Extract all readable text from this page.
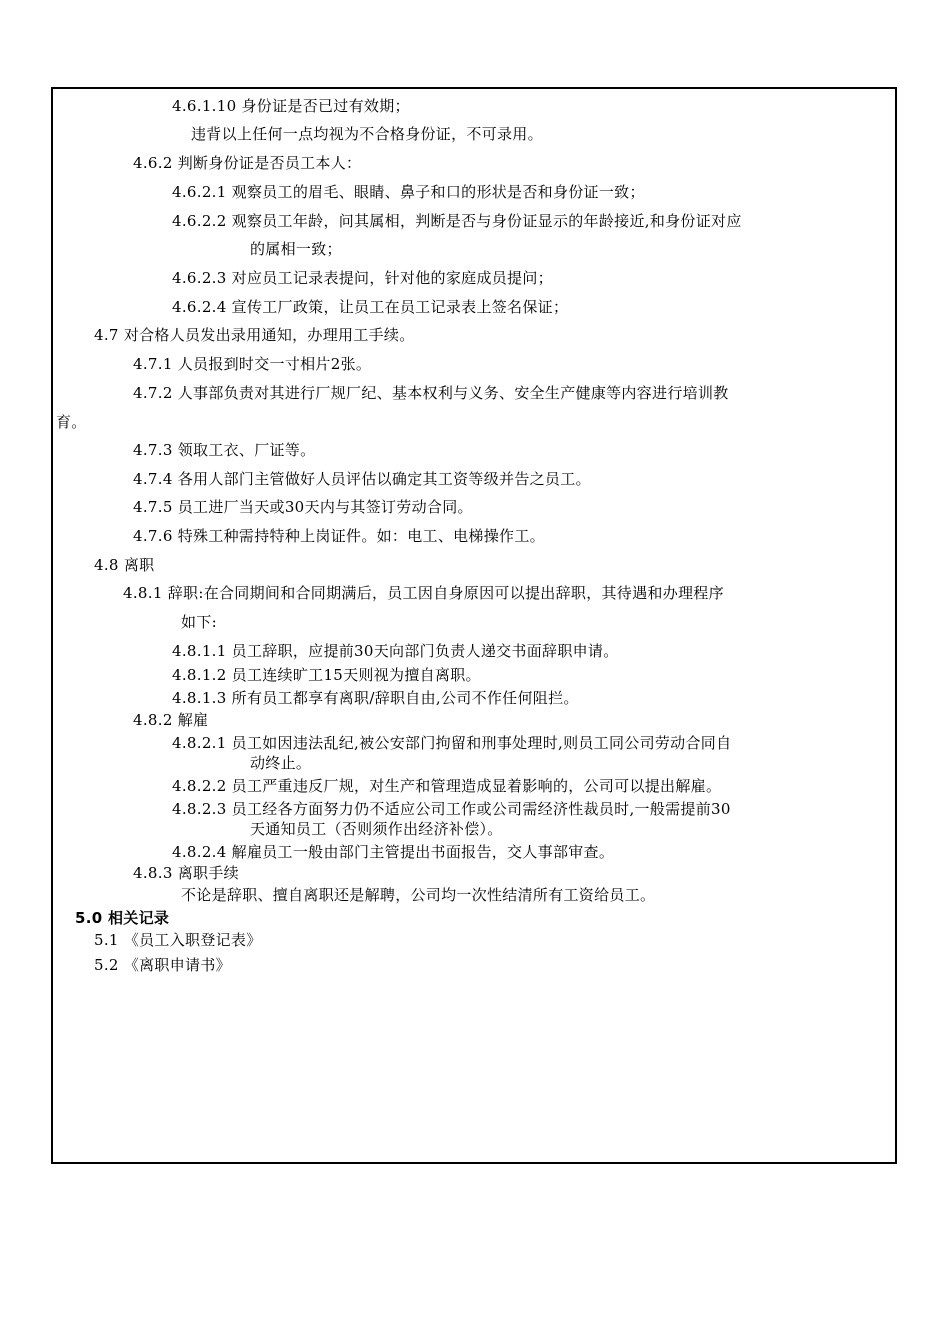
4.6.1.10 身份证是否已过有效期；
违背以上任何一点均视为不合格身份证，不可录用。
4.6.2 判断身份证是否员工本人：
4.6.2.1 观察员工的眉毛、眼睛、鼻子和口的形状是否和身份证一致；
4.6.2.2 观察员工年龄，问其属相，判断是否与身份证显示的年龄接近,和身份证对应
的属相一致；
4.6.2.3 对应员工记录表提问，针对他的家庭成员提问；
4.6.2.4 宣传工厂政策，让员工在员工记录表上签名保证；
4.7 对合格人员发出录用通知，办理用工手续。
4.7.1 人员报到时交一寸相片2张。
4.7.2 人事部负责对其进行厂规厂纪、基本权利与义务、安全生产健康等内容进行培训教
育。
4.7.3 领取工衣、厂证等。
4.7.4 各用人部门主管做好人员评估以确定其工资等级并告之员工。
4.7.5 员工进厂当天或30天内与其签订劳动合同。
4.7.6 特殊工种需持特种上岗证件。如：电工、电梯操作工。
4.8 离职
4.8.1 辞职:在合同期间和合同期满后，员工因自身原因可以提出辞职，其待遇和办理程序
如下:
4.8.1.1 员工辞职，应提前30天向部门负责人递交书面辞职申请。
4.8.1.2 员工连续旷工15天则视为擅自离职。
4.8.1.3 所有员工都享有离职/辞职自由,公司不作任何阻拦。
4.8.2 解雇
4.8.2.1 员工如因违法乱纪,被公安部门拘留和刑事处理时,则员工同公司劳动合同自
动终止。
4.8.2.2 员工严重违反厂规，对生产和管理造成显着影响的，公司可以提出解雇。
4.8.2.3 员工经各方面努力仍不适应公司工作或公司需经济性裁员时,一般需提前30
天通知员工（否则须作出经济补偿）。
4.8.2.4 解雇员工一般由部门主管提出书面报告，交人事部审查。
4.8.3 离职手续
不论是辞职、擅自离职还是解聘，公司均一次性结清所有工资给员工。
5.0 相关记录
5.1 《员工入职登记表》
5.2 《离职申请书》
